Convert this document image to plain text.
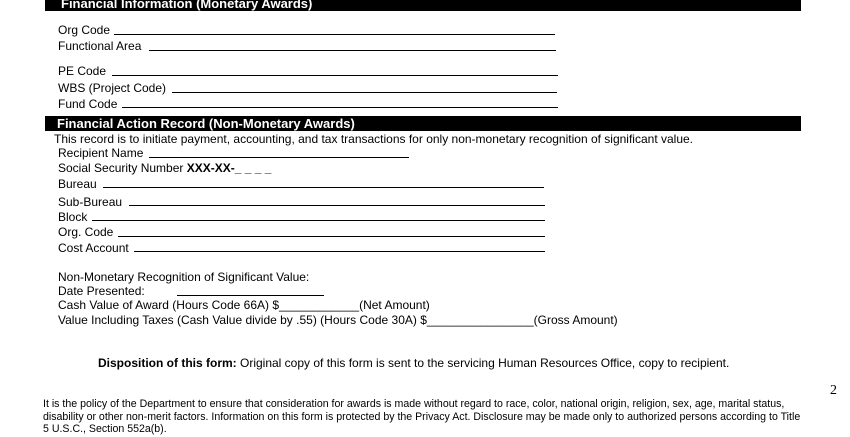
Financial Information (Monetary Awards)
Org Code
Functional Area
PE Code
WBS (Project Code)
Fund Code
Financial Action Record (Non-Monetary Awards)
This record is to initiate payment, accounting, and tax transactions for only non-monetary recognition of significant value.
Recipient Name
Social Security Number XXX-XX-_ _ _ _
Bureau
Sub-Bureau
Block
Org. Code
Cost Account
Non-Monetary Recognition of Significant Value:
Date Presented:
Cash Value of Award (Hours Code 66A) $____________(Net Amount)
Value Including Taxes (Cash Value divide by .55) (Hours Code 30A) $________________(Gross Amount)
Disposition of this form: Original copy of this form is sent to the servicing Human Resources Office, copy to recipient.
2
It is the policy of the Department to ensure that consideration for awards is made without regard to race, color, national origin, religion, sex, age, marital status, disability or other non-merit factors. Information on this form is protected by the Privacy Act. Disclosure may be made only to authorized persons according to Title 5 U.S.C., Section 552a(b).
